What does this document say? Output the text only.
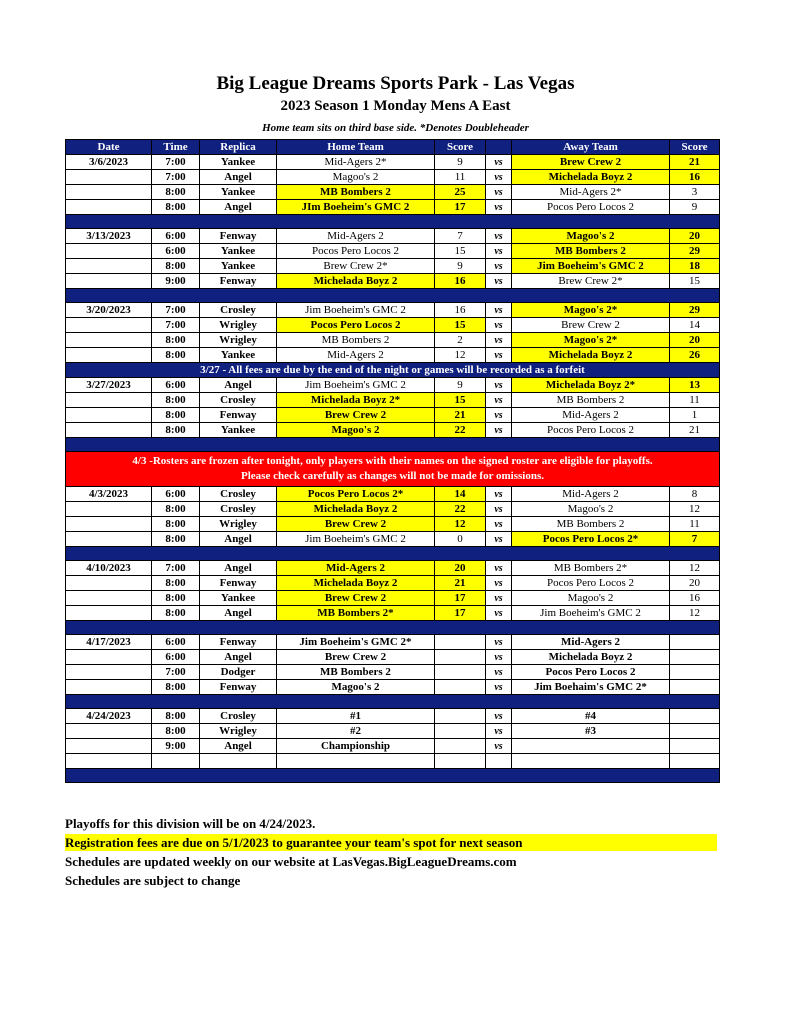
Big League Dreams Sports Park - Las Vegas
2023 Season 1 Monday Mens A East
Home team sits on third base side. *Denotes Doubleheader
Date	Time	Replica	Home Team	Score		Away Team	Score
3/6/2023	7:00	Yankee	Mid-Agers 2*	9	vs	Brew Crew 2	21
	7:00	Angel	Magoo's 2	11	vs	Michelada Boyz 2	16
	8:00	Yankee	MB Bombers 2	25	vs	Mid-Agers 2*	3
	8:00	Angel	JIm Boeheim's GMC 2	17	vs	Pocos Pero Locos 2	9

3/13/2023	6:00	Fenway	Mid-Agers 2	7	vs	Magoo's 2	20
	6:00	Yankee	Pocos Pero Locos 2	15	vs	MB Bombers 2	29
	8:00	Yankee	Brew Crew 2*	9	vs	Jim Boeheim's GMC 2	18
	9:00	Fenway	Michelada Boyz 2	16	vs	Brew Crew 2*	15

3/20/2023	7:00	Crosley	Jim Boeheim's GMC 2	16	vs	Magoo's 2*	29
	7:00	Wrigley	Pocos Pero Locos 2	15	vs	Brew Crew 2	14
	8:00	Wrigley	MB Bombers 2	2	vs	Magoo's 2*	20
	8:00	Yankee	Mid-Agers 2	12	vs	Michelada Boyz 2	26
3/27 - All fees are due by the end of the night or games will be recorded as a forfeit							
3/27/2023	6:00	Angel	Jim Boeheim's GMC 2	9	vs	Michelada Boyz 2*	13
	8:00	Crosley	Michelada Boyz 2*	15	vs	MB Bombers 2	11
	8:00	Fenway	Brew Crew 2	21	vs	Mid-Agers 2	1
	8:00	Yankee	Magoo's 2	22	vs	Pocos Pero Locos 2	21

4/3 -Rosters are frozen after tonight, only players with their names on the signed roster are eligible for playoffs.
Please check carefully as changes will not be made for omissions.							

4/3/2023	6:00	Crosley	Pocos Pero Locos 2*	14	vs	Mid-Agers 2	8
	8:00	Crosley	Michelada Boyz 2	22	vs	Magoo's 2	12
	8:00	Wrigley	Brew Crew 2	12	vs	MB Bombers 2	11
	8:00	Angel	Jim Boeheim's GMC 2	0	vs	Pocos Pero Locos 2*	7

4/10/2023	7:00	Angel	Mid-Agers 2	20	vs	MB Bombers 2*	12
	8:00	Fenway	Michelada Boyz 2	21	vs	Pocos Pero Locos 2	20
	8:00	Yankee	Brew Crew 2	17	vs	Magoo's 2	16
	8:00	Angel	MB Bombers 2*	17	vs	Jim Boeheim's GMC 2	12

4/17/2023	6:00	Fenway	Jim Boeheim's GMC 2*		vs	Mid-Agers 2	
	6:00	Angel	Brew Crew 2		vs	Michelada Boyz 2	
	7:00	Dodger	MB Bombers 2		vs	Pocos Pero Locos 2	
	8:00	Fenway	Magoo's 2		vs	Jim Boehaim's GMC 2*	

4/24/2023	8:00	Crosley	#1		vs	#4	
	8:00	Wrigley	#2		vs	#3	
	9:00	Angel	Championship		vs		

Playoffs for this division will be on 4/24/2023.
Registration fees are due on 5/1/2023 to guarantee your team's spot for next season
Schedules are updated weekly on our website at LasVegas.BigLeagueDreams.com
Schedules are subject to change
